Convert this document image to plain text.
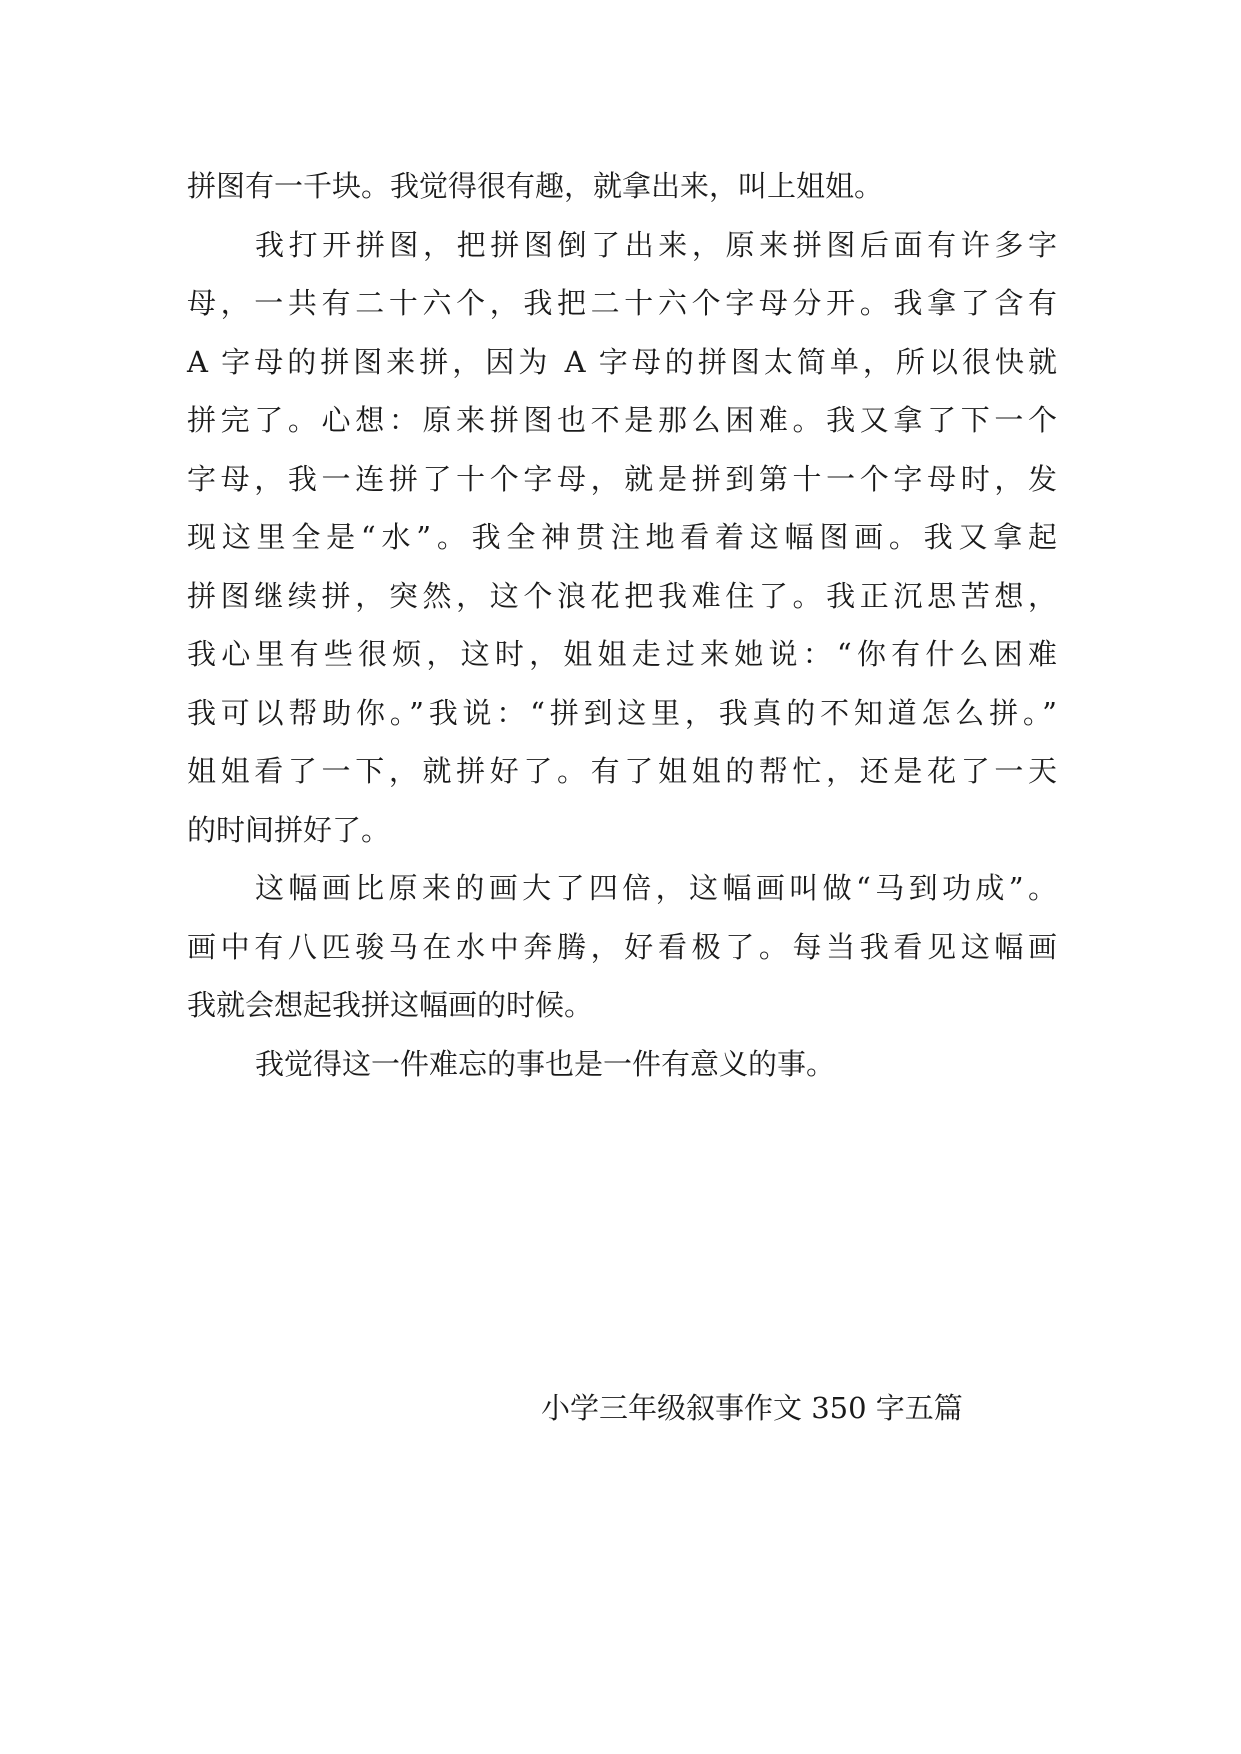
拼图有一千块。我觉得很有趣，就拿出来，叫上姐姐。
我打开拼图，把拼图倒了出来，原来拼图后面有许多字
母，一共有二十六个，我把二十六个字母分开。我拿了含有
A 字母的拼图来拼，因为 A 字母的拼图太简单，所以很快就
拼完了。心想：原来拼图也不是那么困难。我又拿了下一个
字母，我一连拼了十个字母，就是拼到第十一个字母时，发
现这里全是“水”。我全神贯注地看着这幅图画。我又拿起
拼图继续拼，突然，这个浪花把我难住了。我正沉思苦想，
我心里有些很烦，这时，姐姐走过来她说：“你有什么困难
我可以帮助你。”我说：“拼到这里，我真的不知道怎么拼。”
姐姐看了一下，就拼好了。有了姐姐的帮忙，还是花了一天
的时间拼好了。
这幅画比原来的画大了四倍，这幅画叫做“马到功成”。
画中有八匹骏马在水中奔腾，好看极了。每当我看见这幅画
我就会想起我拼这幅画的时候。
我觉得这一件难忘的事也是一件有意义的事。
小学三年级叙事作文 350 字五篇
